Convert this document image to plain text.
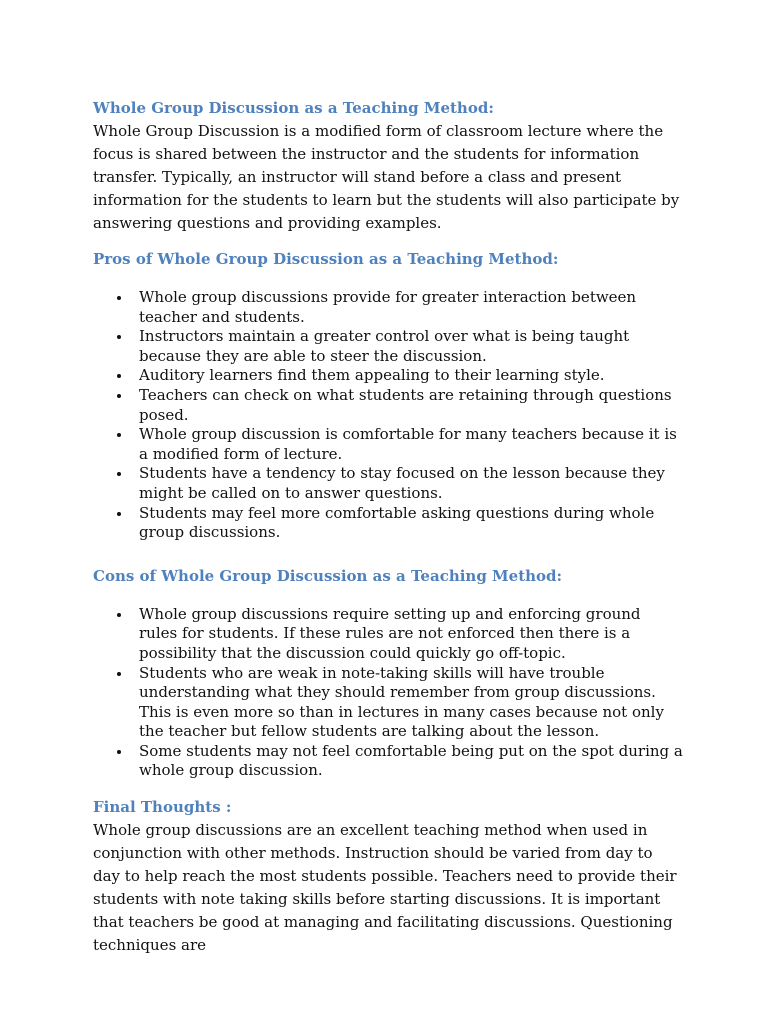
Whole Group Discussion as a Teaching Method:

Whole Group Discussion is a modified form of classroom lecture where the focus is shared between the instructor and the students for information transfer. Typically, an instructor will stand before a class and present information for the students to learn but the students will also participate by answering questions and providing examples.

Pros of Whole Group Discussion as a Teaching Method:
Whole group discussions provide for greater interaction between teacher and students.
Instructors maintain a greater control over what is being taught because they are able to steer the discussion.
Auditory learners find them appealing to their learning style.
Teachers can check on what students are retaining through questions posed.
Whole group discussion is comfortable for many teachers because it is a modified form of lecture.
Students have a tendency to stay focused on the lesson because they might be called on to answer questions.
Students may feel more comfortable asking questions during whole group discussions.
Cons of Whole Group Discussion as a Teaching Method:
Whole group discussions require setting up and enforcing ground rules for students. If these rules are not enforced then there is a possibility that the discussion could quickly go off-topic.
Students who are weak in note-taking skills will have trouble understanding what they should remember from group discussions. This is even more so than in lectures in many cases because not only the teacher but fellow students are talking about the lesson.
Some students may not feel comfortable being put on the spot during a whole group discussion.
Final Thoughts :

Whole group discussions are an excellent teaching method when used in conjunction with other methods. Instruction should be varied from day to day to help reach the most students possible. Teachers need to provide their students with note taking skills before starting discussions. It is important that teachers be good at managing and facilitating discussions. Questioning techniques are
